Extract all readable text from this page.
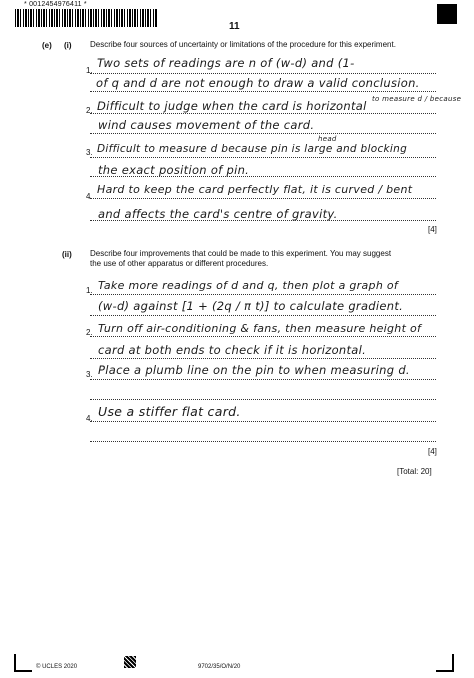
* 0012454976411 *
11
(e) (i) Describe four sources of uncertainty or limitations of the procedure for this experiment.
1.
Two sets of readings are n of (w-d) and (1-
of q and d are not enough to draw a valid conclusion.
2. Difficult to judge when the card is horizontal to measure d / because
wind causes movement of the card.
3. Difficult to measure d because pin is large and blocking
head
the exact position of pin.
4.
Hard to keep the card perfectly flat, it is curved / bent
and affects the card's centre of gravity.
[4]
(ii) Describe four improvements that could be made to this experiment. You may suggest
the use of other apparatus or different procedures.
1. Take more readings of d and q, then plot a graph of
(w-d) against [1 + (2q / π t)] to calculate gradient.
2. Turn off air-conditioning & fans, then measure height of
card at both ends to check if it is horizontal.
3. Place a plumb line on the pin to when measuring d.
4. Use a stiffer flat card.
[4]
[Total: 20]
© UCLES 2020	9702/35/O/N/20
